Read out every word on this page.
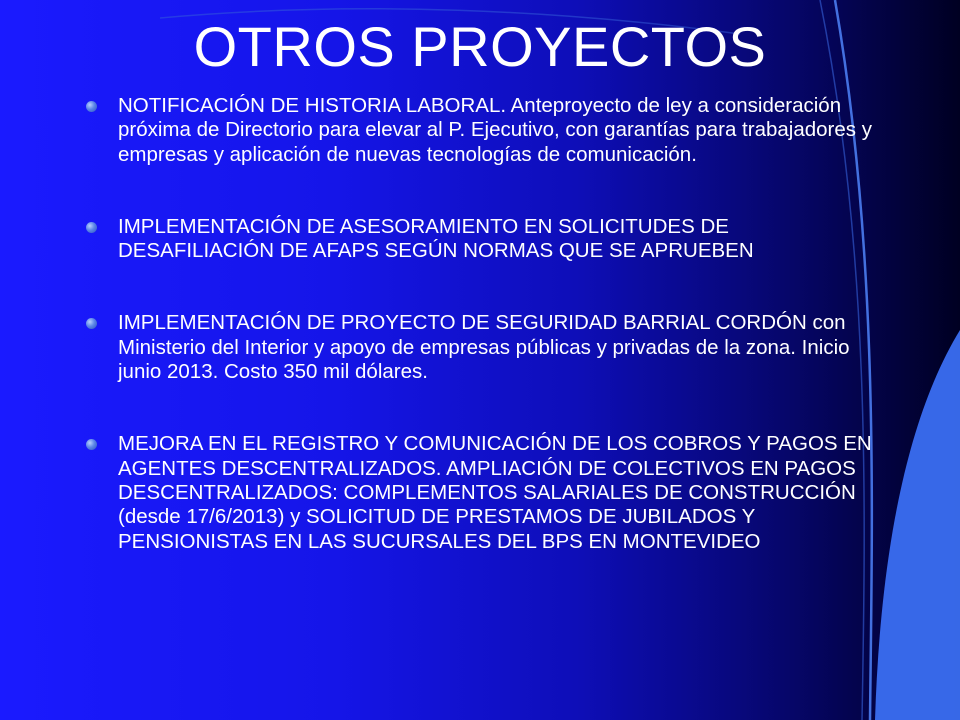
OTROS PROYECTOS
NOTIFICACIÓN DE HISTORIA LABORAL. Anteproyecto de ley a consideración próxima de Directorio para elevar al P. Ejecutivo, con garantías para trabajadores y empresas y aplicación de nuevas tecnologías de comunicación.
IMPLEMENTACIÓN DE ASESORAMIENTO EN SOLICITUDES DE DESAFILIACIÓN DE AFAPS SEGÚN NORMAS QUE SE APRUEBEN
IMPLEMENTACIÓN DE PROYECTO DE SEGURIDAD BARRIAL CORDÓN con Ministerio del Interior y apoyo de empresas públicas y privadas de la zona. Inicio junio 2013. Costo 350 mil dólares.
MEJORA EN EL REGISTRO Y COMUNICACIÓN DE LOS COBROS Y PAGOS EN AGENTES DESCENTRALIZADOS. AMPLIACIÓN DE COLECTIVOS EN PAGOS DESCENTRALIZADOS: COMPLEMENTOS SALARIALES DE CONSTRUCCIÓN (desde 17/6/2013) y SOLICITUD DE PRESTAMOS DE JUBILADOS Y PENSIONISTAS EN LAS SUCURSALES DEL BPS EN MONTEVIDEO
